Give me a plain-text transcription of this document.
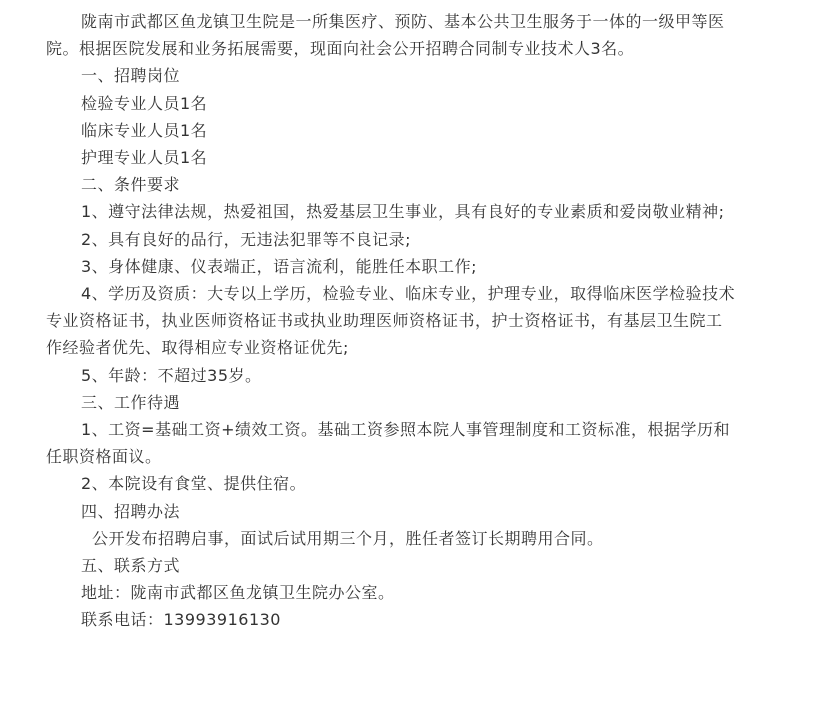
陇南市武都区鱼龙镇卫生院是一所集医疗、预防、基本公共卫生服务于一体的一级甲等医院。根据医院发展和业务拓展需要，现面向社会公开招聘合同制专业技术人3名。

一、招聘岗位

检验专业人员1名

临床专业人员1名

护理专业人员1名

二、条件要求

1、遵守法律法规，热爱祖国，热爱基层卫生事业，具有良好的专业素质和爱岗敬业精神;

2、具有良好的品行，无违法犯罪等不良记录;

3、身体健康、仪表端正，语言流利，能胜任本职工作;

4、学历及资质：大专以上学历，检验专业、临床专业，护理专业，取得临床医学检验技术专业资格证书，执业医师资格证书或执业助理医师资格证书，护士资格证书，有基层卫生院工作经验者优先、取得相应专业资格证优先;

5、年龄：不超过35岁。

三、工作待遇

1、工资=基础工资+绩效工资。基础工资参照本院人事管理制度和工资标准，根据学历和任职资格面议。

2、本院设有食堂、提供住宿。

四、招聘办法

公开发布招聘启事，面试后试用期三个月，胜任者签订长期聘用合同。

五、联系方式

地址：陇南市武都区鱼龙镇卫生院办公室。

联系电话：13993916130
